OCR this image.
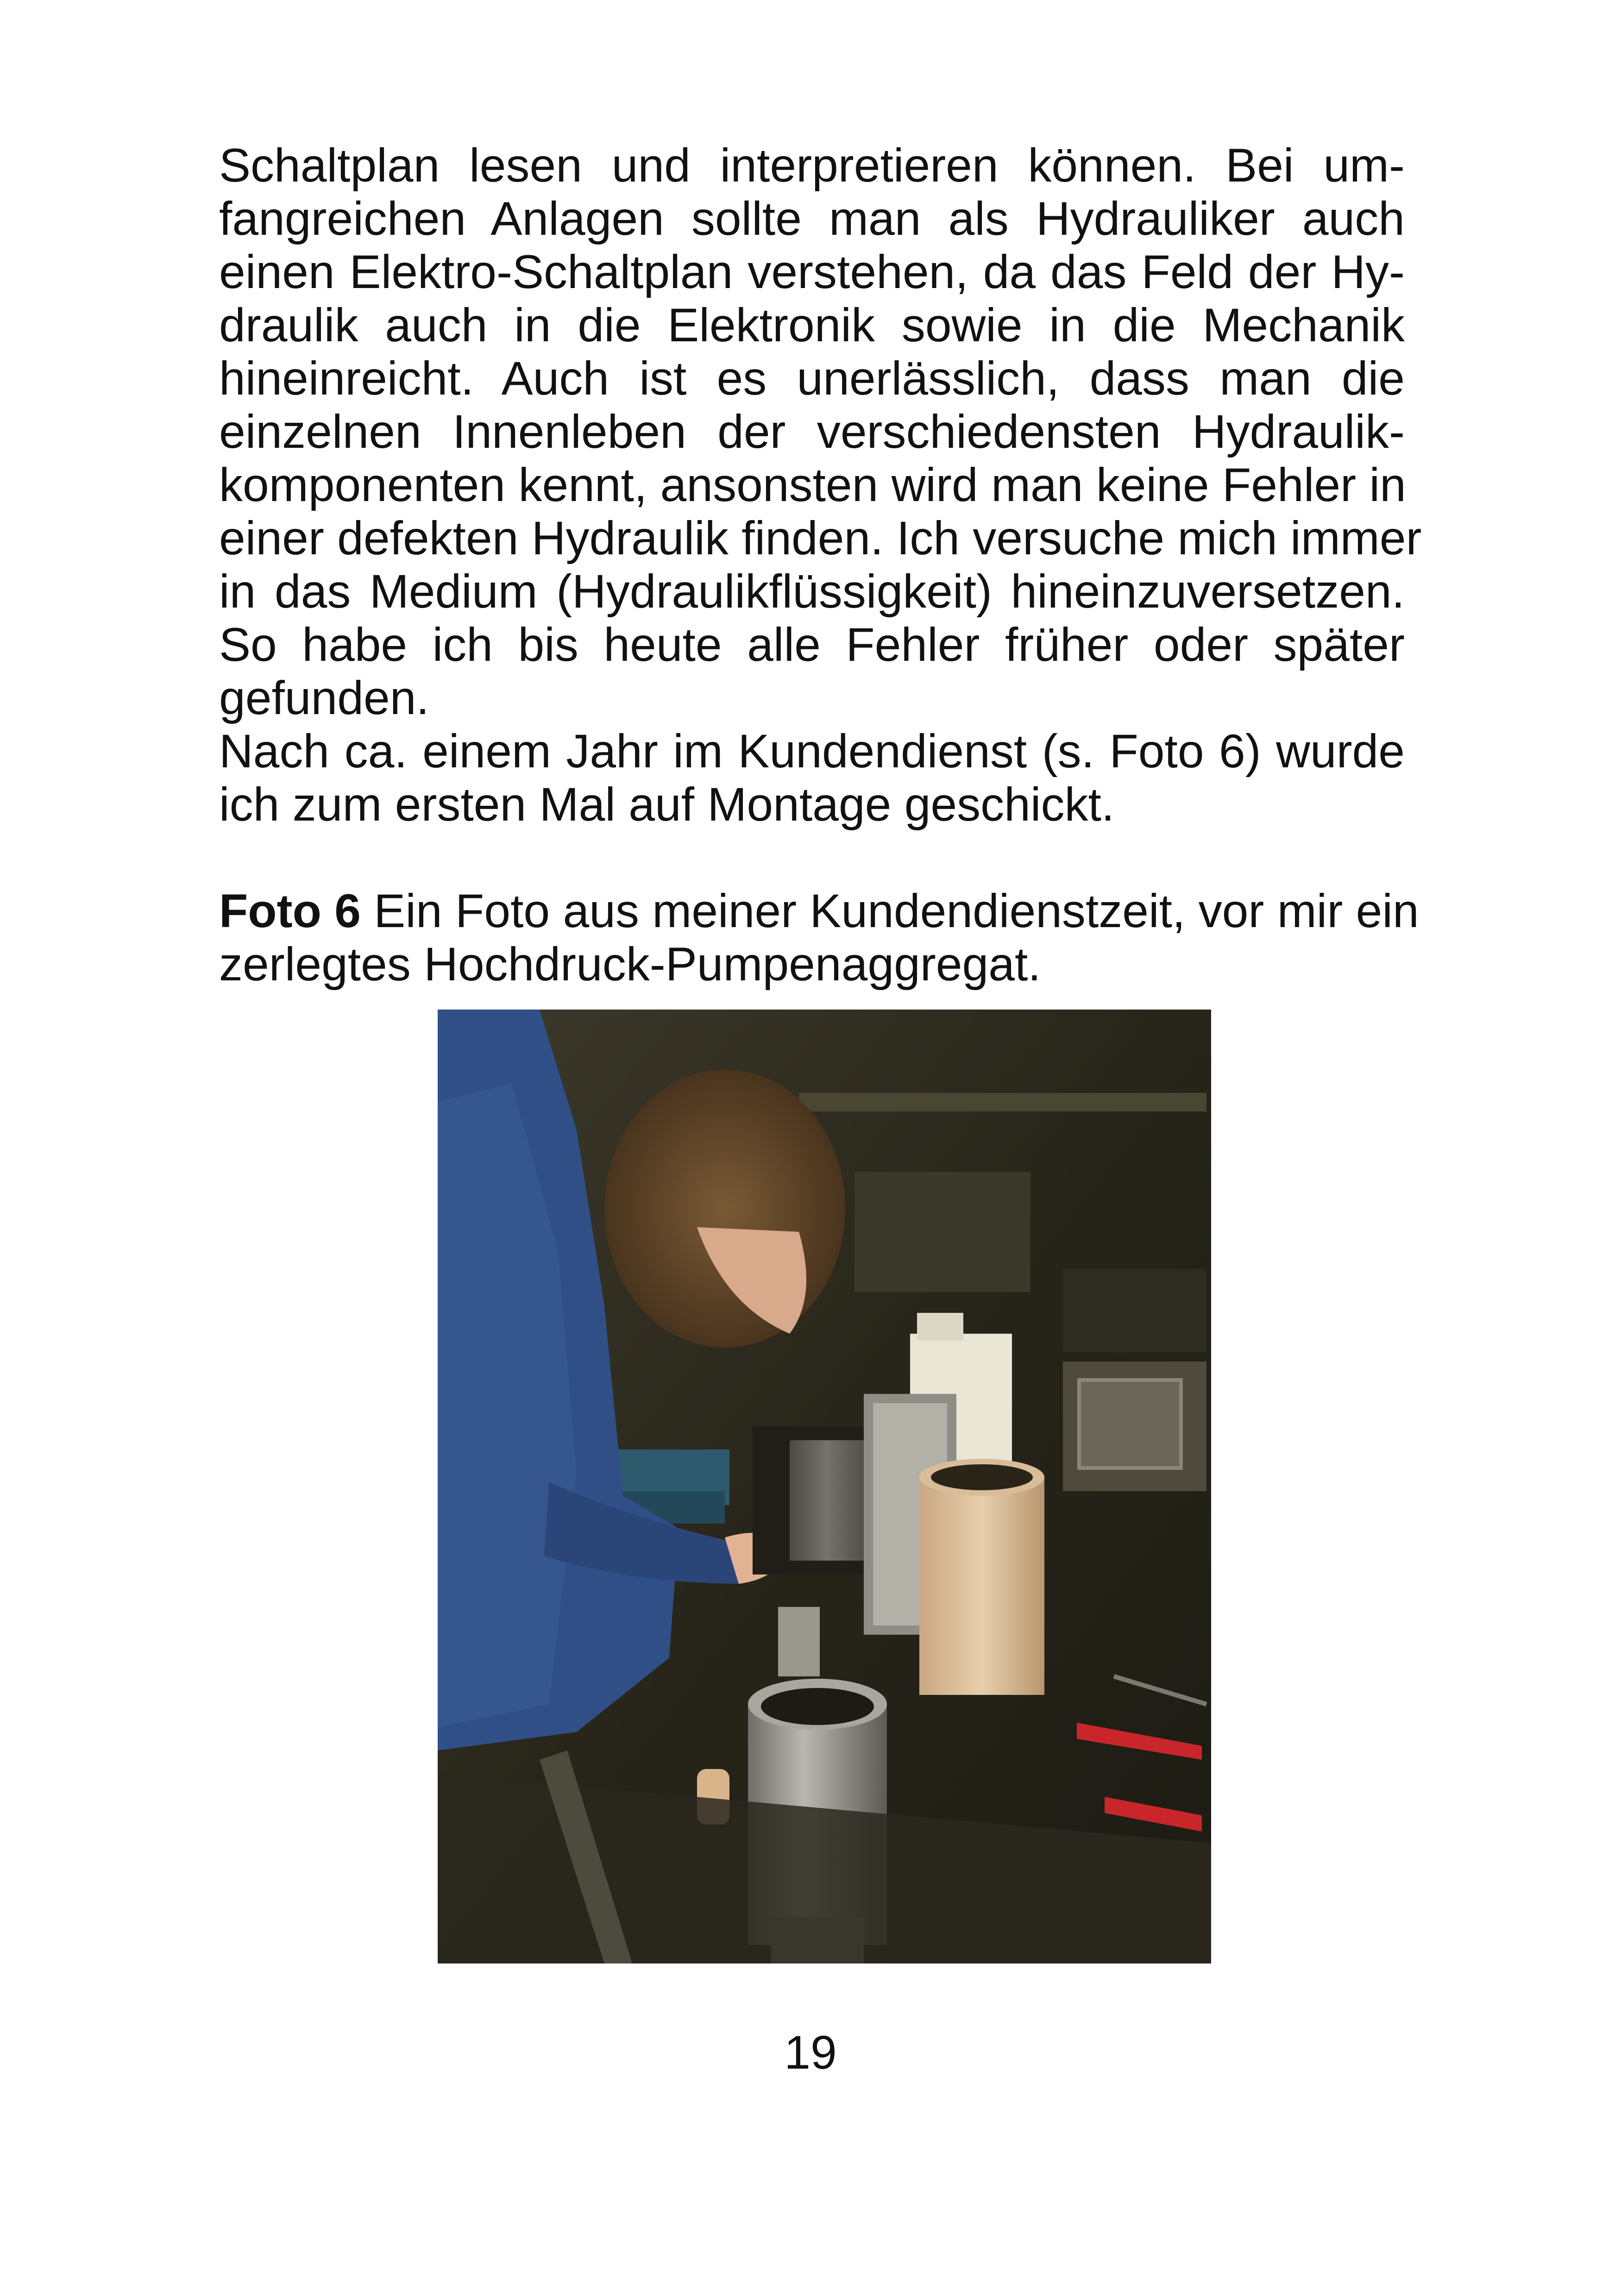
Schaltplan lesen und interpretieren können. Bei um-
fangreichen Anlagen sollte man als Hydrauliker auch
einen Elektro-Schaltplan verstehen, da das Feld der Hy-
draulik auch in die Elektronik sowie in die Mechanik
hineinreicht. Auch ist es unerlässlich, dass man die
einzelnen Innenleben der verschiedensten Hydraulik-
komponenten kennt, ansonsten wird man keine Fehler in
einer defekten Hydraulik finden. Ich versuche mich immer
in das Medium (Hydraulikflüssigkeit) hineinzuversetzen.
So habe ich bis heute alle Fehler früher oder später
gefunden.
Nach ca. einem Jahr im Kundendienst (s. Foto 6) wurde
ich zum ersten Mal auf Montage geschickt.
Foto 6 Ein Foto aus meiner Kundendienstzeit, vor mir ein
zerlegtes Hochdruck-Pumpenaggregat.
19
